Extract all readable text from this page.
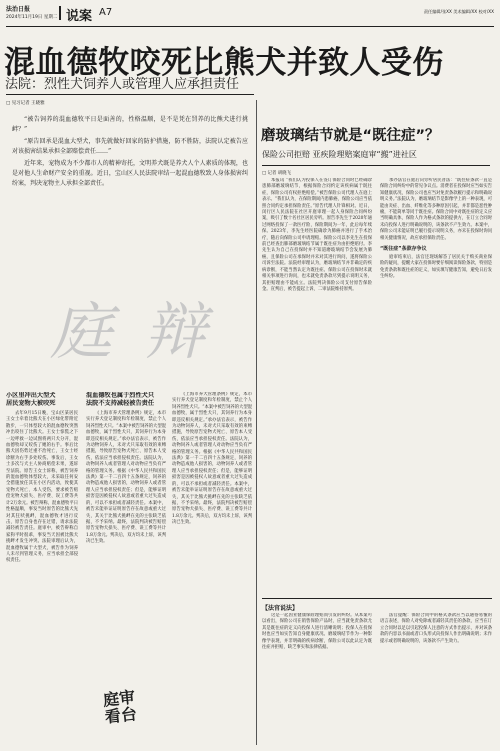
法治日报
2024年11月19日 星期二 说案 A7	责任编辑/张XX 美术编辑/XX 校对/XX
混血德牧咬死比熊犬并致人受伤
法院：烈性犬饲养人或管理人应承担责任
□ 见习记者 王晓雅

“被告饲养的混血德牧平日是面善的，性格温顺，是不是凭在罚养的比熊犬进行挑衅？”

“原告回承是混血大型犬，事先就做好回家的防护措施，防不胜防，法院认定被告应对该损害结果承担全部赔偿责任……”

近年来，宠物成为不少都市人的精神寄托，文明养犬既是养犬人个人素质的体现，也是对他人生命财产安全的重视。近日，宝山区人民法院审结一起混血德牧致人身体损害纠纷案，判决宠物主人承担全部责任。

庭 辩
小区里冲出大型犬
居民宠物大被咬死
去年9月15日晚，宝山区某居民王女士牵着比熊犬在小区绿化带附近散步，一只体型较大的混血德牧突然冲出咬住了比熊犬。王女士惊慌之下一边呼救一边试图将两只犬分开，混血德牧却又咬伤了她的右手。事后比熊犬因伤势过重不治死亡，王女士经诊断为右手多处咬伤。事发后，王女士多次与犬主人协商赔偿未果，遂诉至法院。原告王女士诉称，被告饲养的混血德牧体型较大，未采取任何安全措施放任其在小区内活动，致使其宠物犬死亡、本人受伤，要求被告赔偿宠物犬损失、医疗费、误工费等共计2万余元。被告辩称，混血德牧平日性格温顺，事发当时原告的比熊犬先对其狂吠挑衅，混血德牧才进行反击，原告自身也存在过错，请求法院减轻被告责任。庭审中，被告辩称自家狗平时很乖，事发当天因被比熊犬挑衅才发生冲突。法院审理后认为，混血德牧属于大型犬，被告作为饲养人未尽到管理义务，应当承担全部侵权责任。
混血德牧也属于烈性犬只
法院不支持减轻被告责任
《上海市养犬管理条例》规定，本市实行养犬登记制度和年检制度，禁止个人饲养烈性犬只。“本案中被告饲养的大型混血德牧，属于烈性犬只，其饲养行为本身即违反相关规定。”承办法官表示，被告作为动物饲养人，未对犬只采取有效的束缚措施，导致原告宠物犬死亡、原告本人受伤，依法应当承担侵权责任。法院认为，动物饲养人或者管理人对动物应当负有严格的管理义务。根据《中华人民共和国民法典》第一千二百四十五条规定，饲养的动物造成他人损害的，动物饲养人或者管理人应当承担侵权责任；但是，能够证明损害是因被侵权人故意或者重大过失造成的，可以不承担或者减轻责任。本案中，被告未能举证证明原告存在故意或重大过失，其关于比熊犬挑衅在先的主张缺乏依据，不予采纳。最终，法院判决被告赔偿原告宠物犬损失、医疗费、误工费等共计1.8万余元。判决后，双方均未上诉，该判决已生效。
《上海市养犬管理条例》规定，本市实行养犬登记制度和年检制度，禁止个人饲养烈性犬只。“本案中被告饲养的大型混血德牧，属于烈性犬只，其饲养行为本身即违反相关规定。”承办法官表示，被告作为动物饲养人，未对犬只采取有效的束缚措施，导致原告宠物犬死亡、原告本人受伤，依法应当承担侵权责任。法院认为，动物饲养人或者管理人对动物应当负有严格的管理义务。根据《中华人民共和国民法典》第一千二百四十五条规定，饲养的动物造成他人损害的，动物饲养人或者管理人应当承担侵权责任；但是，能够证明损害是因被侵权人故意或者重大过失造成的，可以不承担或者减轻责任。本案中，被告未能举证证明原告存在故意或重大过失，其关于比熊犬挑衅在先的主张缺乏依据，不予采纳。最终，法院判决被告赔偿原告宠物犬损失、医疗费、误工费等共计1.8万余元。判决后，双方均未上诉，该判决已生效。
庭审
看台
磨玻璃结节就是“既往症”？
保险公司拒赔 亚疾险理赔案庭审“搬”进社区
□ 记者 胡晓飞
本报讯 “我们认为投保人在签订保险合同时已经确诊患肺部磨玻璃结节，根据保险合同约定该疾病属于既往症，保险公司有权拒绝赔偿。”被告保险公司代理人在庭上表示。“我们认为，在保险期间内患肺癌，保险公司应当依照合同约定承担保险责任。”原告代理人针锋相对。近日，闵行区人民法院在社区开庭审理一起人身保险合同纠纷案，吸引了数十名社区居民旁听。原告李先生于2020年通过网络投保了一款医疗险，保险期间为一年，此后每年续保。2023年，李先生经医院确诊为肺癌并进行了手术治疗，随后向保险公司申请理赔。保险公司以李先生在投保前已经查出肺部磨玻璃结节属于既往症为由拒绝赔付。李先生认为自己在投保时并不知道磨玻璃结节会发展为肺癌，且保险公司在承保时并未对其进行询问，遂将保险公司诉至法院。法院经审理认为，磨玻璃结节并非确定的疾病诊断，不能当然认定为既往症。保险公司在投保时未就相关事项进行询问，也未就免责条款尽到提示说明义务，其拒赔理由不能成立。法院判决保险公司支付原告保险金。宣判后，被告提起上诉，二审法院维持原判。
承办法官在庭后向旁听居民普法：“既往症条款一直是保险合同纠纷中的常见争议点。消费者在投保时应当如实告知健康状况，保险公司也应当对免责条款履行提示和明确说明义务。”法院认为，磨玻璃结节是影像学上的一种表现，可能由炎症、出血、纤维化等多种原因引起，并非都是恶性肿瘤，不能简单等同于既往症。保险合同中对既往症的定义应当明确具体，保险人作为格式条款的提供方，在订立合同时未向投保人进行明确说明的，该条款不产生效力。本案中，保险公司未能证明已履行提示说明义务，亦未在投保时询问相关健康情况，故应承担保险责任。
“既往症”条款存争议
庭审结束后，法官还现场解答了居民关于购买商业保险的疑问，提醒大家在投保时要仔细阅读保险条款，特别是免责条款和既往症的定义，如实填写健康告知，避免日后发生纠纷。
【法官说法】
这是一起因亚健康保险理赔而引发的纠纷。从本案可以看出，保险公司在销售保险产品时，应当就免责条款尤其是既往症的定义向投保人进行清晰说明；投保人在投保时也应当如实告知自身健康状况。磨玻璃结节作为一种影像学表现，并非明确的疾病诊断，保险公司以此认定为既往症并拒赔，缺乏事实和法律依据。
法官提醒：保险合同中的格式条款应当以通俗易懂的语言表述，保险人对免除或者减轻其责任的条款，应当在订立合同时以足以引起投保人注意的方式作出提示，并对该条款的内容以书面或者口头形式向投保人作出明确说明；未作提示或者明确说明的，该条款不产生效力。
